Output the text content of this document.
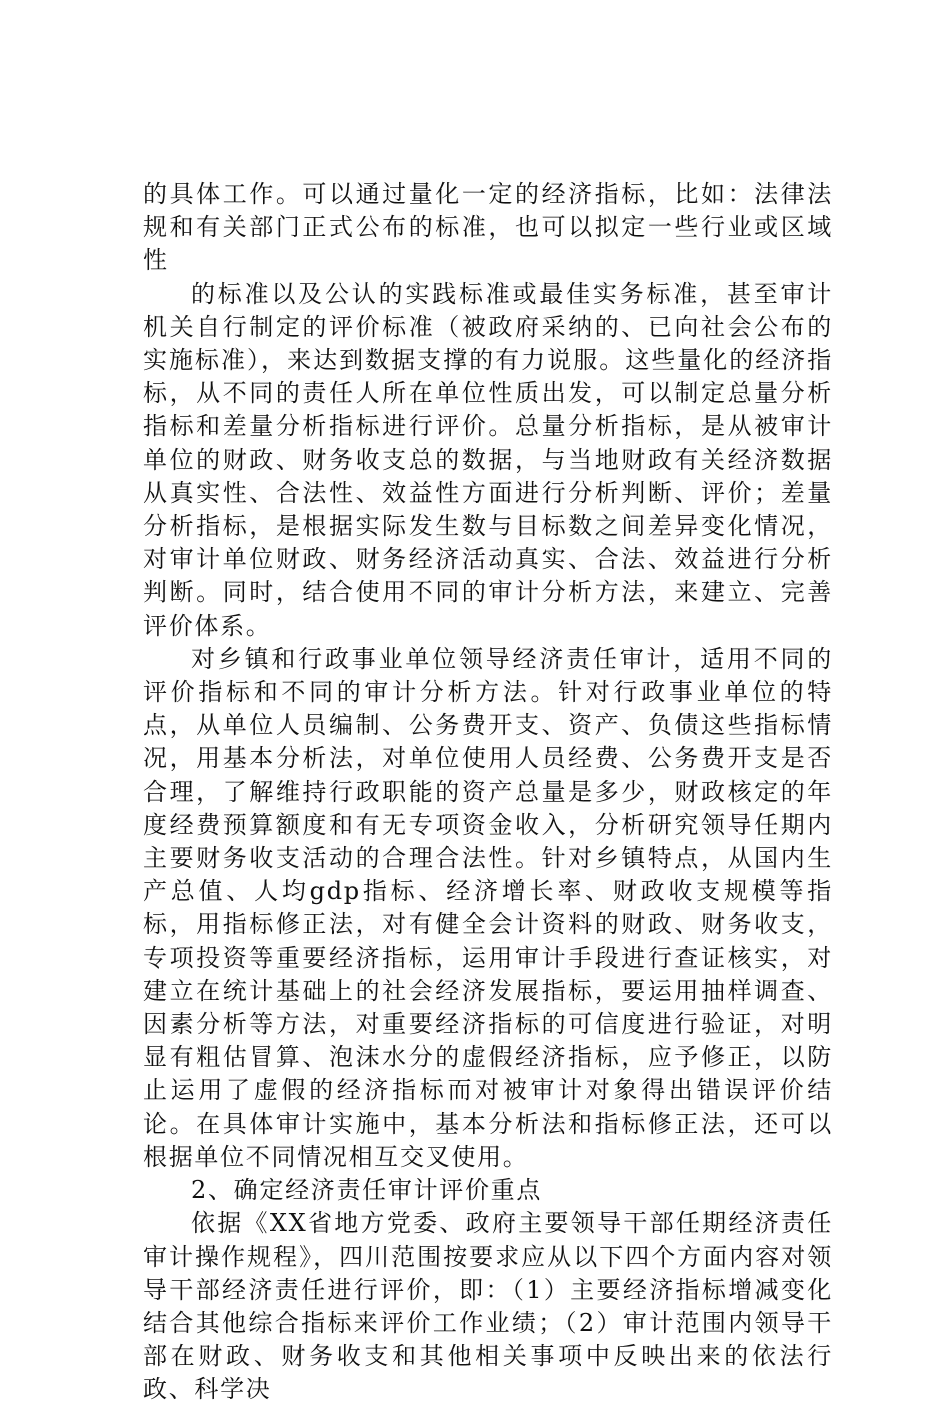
的具体工作。可以通过量化一定的经济指标，比如：法律法规和有关部门正式公布的标准，也可以拟定一些行业或区域性

的标准以及公认的实践标准或最佳实务标准，甚至审计机关自行制定的评价标准（被政府采纳的、已向社会公布的实施标准），来达到数据支撑的有力说服。这些量化的经济指标，从不同的责任人所在单位性质出发，可以制定总量分析指标和差量分析指标进行评价。总量分析指标，是从被审计单位的财政、财务收支总的数据，与当地财政有关经济数据从真实性、合法性、效益性方面进行分析判断、评价；差量分析指标，是根据实际发生数与目标数之间差异变化情况，对审计单位财政、财务经济活动真实、合法、效益进行分析判断。同时，结合使用不同的审计分析方法，来建立、完善评价体系。

对乡镇和行政事业单位领导经济责任审计，适用不同的评价指标和不同的审计分析方法。针对行政事业单位的特点，从单位人员编制、公务费开支、资产、负债这些指标情况，用基本分析法，对单位使用人员经费、公务费开支是否合理，了解维持行政职能的资产总量是多少，财政核定的年度经费预算额度和有无专项资金收入，分析研究领导任期内主要财务收支活动的合理合法性。针对乡镇特点，从国内生产总值、人均gdp指标、经济增长率、财政收支规模等指标，用指标修正法，对有健全会计资料的财政、财务收支，专项投资等重要经济指标，运用审计手段进行查证核实，对建立在统计基础上的社会经济发展指标，要运用抽样调查、因素分析等方法，对重要经济指标的可信度进行验证，对明显有粗估冒算、泡沫水分的虚假经济指标，应予修正，以防止运用了虚假的经济指标而对被审计对象得出错误评价结论。在具体审计实施中，基本分析法和指标修正法，还可以根据单位不同情况相互交叉使用。

2、确定经济责任审计评价重点

依据《XX省地方党委、政府主要领导干部任期经济责任审计操作规程》，四川范围按要求应从以下四个方面内容对领导干部经济责任进行评价，即：（1）主要经济指标增减变化结合其他综合指标来评价工作业绩；（2）审计范围内领导干部在财政、财务收支和其他相关事项中反映出来的依法行政、科学决
